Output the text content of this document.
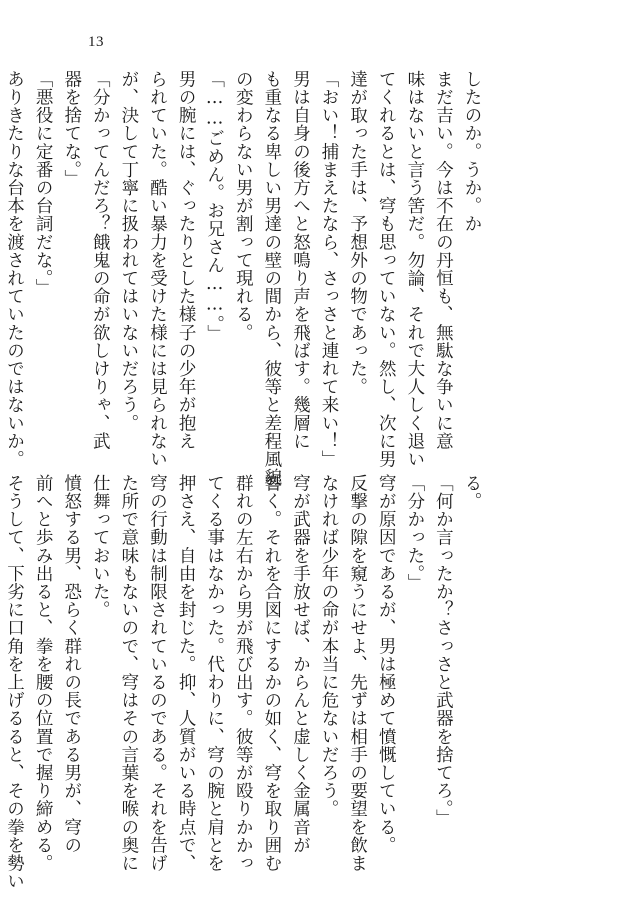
13
したのか。うか。か
まだ吉い。今は不在の丹恒も、無駄な争いに意
味はないと言う筈だ。勿論、それで大人しく退い
てくれるとは、穹も思っていない。然し、次に男
達が取った手は、予想外の物であった。
「おい！捕まえたなら、さっさと連れて来い！」
男は自身の後方へと怒鳴り声を飛ばす。幾層に
も重なる卑しい男達の壁の間から、彼等と差程風貌
の変わらない男が割って現れる。
「……ごめん。お兄さん……。」
男の腕には、ぐったりとした様子の少年が抱え
られていた。酷い暴力を受けた様には見られない
が、決して丁寧に扱われてはいないだろう。
「分かってんだろ？餓鬼の命が欲しけりゃ、武
器を捨てな。」
「悪役に定番の台詞だな。」
ありきたりな台本を渡されていたのではないか。
る。
「何か言ったか？さっさと武器を捨てろ。」
「分かった。」
穹が原因であるが、男は極めて憤慨している。
反撃の隙を窺うにせよ、先ずは相手の要望を飲ま
なければ少年の命が本当に危ないだろう。
穹が武器を手放せば、からんと虚しく金属音が
響く。それを合図にするかの如く、穹を取り囲む
群れの左右から男が飛び出す。彼等が殴りかかっ
てくる事はなかった。代わりに、穹の腕と肩とを
押さえ、自由を封じた。抑、人質がいる時点で、
穹の行動は制限されているのである。それを告げ
た所で意味もないので、穹はその言葉を喉の奥に
仕舞っておいた。
憤怒する男、恐らく群れの長である男が、穹の
前へと歩み出ると、拳を腰の位置で握り締める。
そうして、下劣に口角を上げるると、その拳を勢い
